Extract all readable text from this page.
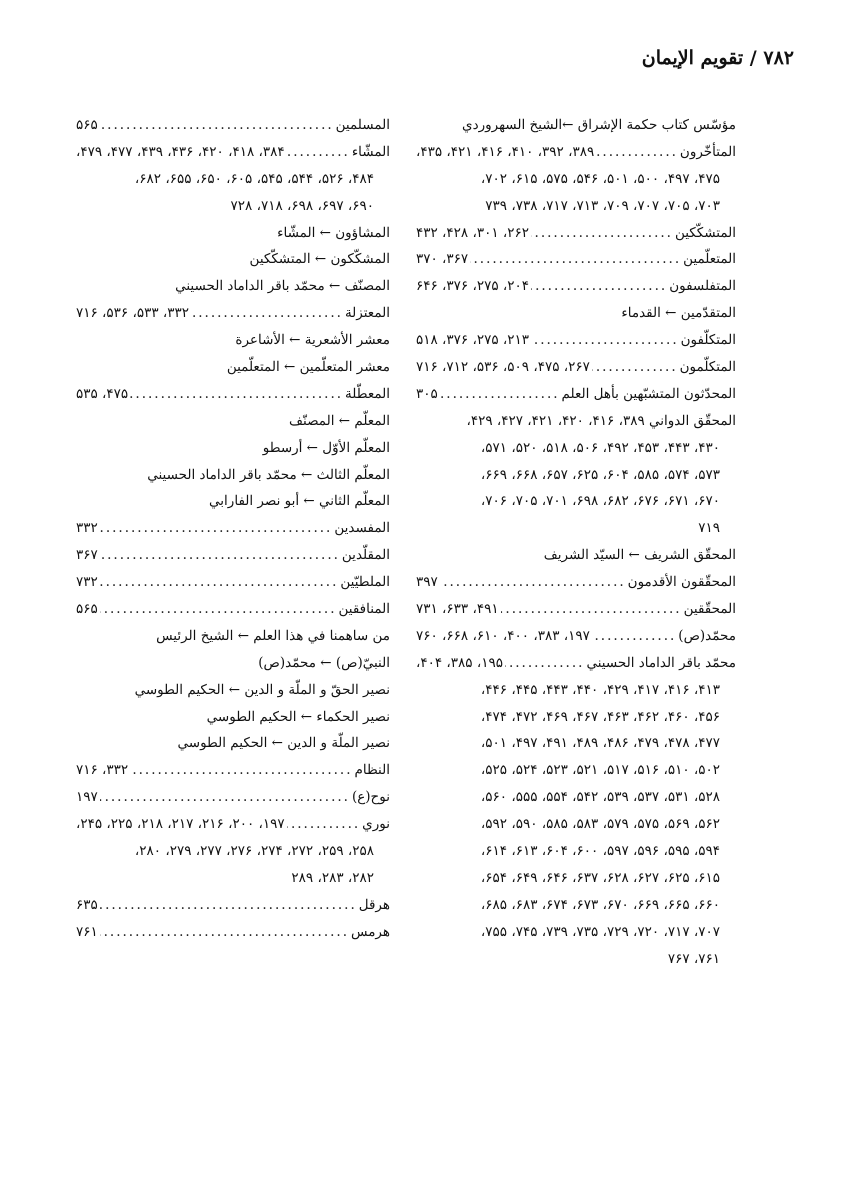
۷۸۲ / تقويم الإيمان
مؤسّس كتاب حكمة الإشراق ←الشيخ السهروردي
المتأخّرون
.....
۳۸۹، ۳۹۲، ۴۱۰، ۴۱۶، ۴۲۱، ۴۳۵،
۴۷۵، ۴۹۷، ۵۰۰، ۵۰۱، ۵۴۶، ۵۷۵، ۶۱۵، ۷۰۲،
۷۰۳، ۷۰۵، ۷۰۷، ۷۰۹، ۷۱۳، ۷۱۷، ۷۳۸، ۷۳۹
المتشكّكين
.....
۲۶۲، ۳۰۱، ۴۲۸، ۴۳۲
المتعلّمين
.....
۳۶۷، ۳۷۰
المتفلسفون
.....
۲۰۴، ۲۷۵، ۳۷۶، ۶۴۶
المتقدّمين ← القدماء
المتكلّفون
.....
۲۱۳، ۲۷۵، ۳۷۶، ۵۱۸
المتكلّمون
.....
۲۶۷، ۴۷۵، ۵۰۹، ۵۳۶، ۷۱۲، ۷۱۶
المحدّثون المتشبّهين بأهل العلم
.....
۳۰۵
المحقّق الدواني ۳۸۹، ۴۱۶، ۴۲۰، ۴۲۱، ۴۲۷، ۴۲۹،
۴۳۰، ۴۴۳، ۴۵۳، ۴۹۲، ۵۰۶، ۵۱۸، ۵۲۰، ۵۷۱،
۵۷۳، ۵۷۴، ۵۸۵، ۶۰۴، ۶۲۵، ۶۵۷، ۶۶۸، ۶۶۹،
۶۷۰، ۶۷۱، ۶۷۶، ۶۸۲، ۶۹۸، ۷۰۱، ۷۰۵، ۷۰۶،
۷۱۹
المحقّق الشريف ← السيّد الشريف
المحقّقون الأقدمون
.....
۳۹۷
المحقّقين
.....
۴۹۱، ۶۳۳، ۷۳۱
محمّد(ص)
.....
۱۹۷، ۳۸۳، ۴۰۰، ۶۱۰، ۶۶۸، ۷۶۰
محمّد باقر الداماد الحسيني
.....
۱۹۵، ۳۸۵، ۴۰۴،
۴۱۳، ۴۱۶، ۴۱۷، ۴۲۹، ۴۴۰، ۴۴۳، ۴۴۵، ۴۴۶،
۴۵۶، ۴۶۰، ۴۶۲، ۴۶۳، ۴۶۷، ۴۶۹، ۴۷۲، ۴۷۴،
۴۷۷، ۴۷۸، ۴۷۹، ۴۸۶، ۴۸۹، ۴۹۱، ۴۹۷، ۵۰۱،
۵۰۲، ۵۱۰، ۵۱۶، ۵۱۷، ۵۲۱، ۵۲۳، ۵۲۴، ۵۲۵،
۵۲۸، ۵۳۱، ۵۳۷، ۵۳۹، ۵۴۲، ۵۵۴، ۵۵۵، ۵۶۰،
۵۶۲، ۵۶۹، ۵۷۵، ۵۷۹، ۵۸۳، ۵۸۵، ۵۹۰، ۵۹۲،
۵۹۴، ۵۹۵، ۵۹۶، ۵۹۷، ۶۰۰، ۶۰۴، ۶۱۳، ۶۱۴،
۶۱۵، ۶۲۵، ۶۲۷، ۶۲۸، ۶۳۷، ۶۴۶، ۶۴۹، ۶۵۴،
۶۶۰، ۶۶۵، ۶۶۹، ۶۷۰، ۶۷۳، ۶۷۴، ۶۸۳، ۶۸۵،
۷۰۷، ۷۱۷، ۷۲۰، ۷۲۹، ۷۳۵، ۷۳۹، ۷۴۵، ۷۵۵،
۷۶۱، ۷۶۷
المسلمين
.....
۵۶۵
المشّاء
.....
۳۸۴، ۴۱۸، ۴۲۰، ۴۳۶، ۴۳۹، ۴۷۷، ۴۷۹،
۴۸۴، ۵۲۶، ۵۴۴، ۵۴۵، ۶۰۵، ۶۵۰، ۶۵۵، ۶۸۲،
۶۹۰، ۶۹۷، ۶۹۸، ۷۱۸، ۷۲۸
المشاؤون ← المشّاء
المشكّكون ← المتشكّكين
المصنّف ← محمّد باقر الداماد الحسيني
المعتزلة
.....
۳۳۲، ۵۳۳، ۵۳۶، ۷۱۶
معشر الأشعرية ← الأشاعرة
معشر المتعلّمين ← المتعلّمين
المعطّلة
.....
۴۷۵، ۵۳۵
المعلّم ← المصنّف
المعلّم الأوّل ← أرسطو
المعلّم الثالث ← محمّد باقر الداماد الحسيني
المعلّم الثاني ← أبو نصر الفارابي
المفسدين
.....
۳۳۲
المقلّدين
.....
۳۶۷
الملطيّين
.....
۷۳۲
المنافقين
.....
۵۶۵
من ساهمنا في هذا العلم ← الشيخ الرئيس
النبيّ(ص) ← محمّد(ص)
نصير الحقّ و الملّة و الدين ← الحكيم الطوسي
نصير الحكماء ← الحكيم الطوسي
نصير الملّة و الدين ← الحكيم الطوسي
النظام
.....
۳۳۲، ۷۱۶
نوح(ع)
.....
۱۹۷
نوري
.....
۱۹۷، ۲۰۰، ۲۱۶، ۲۱۷، ۲۱۸، ۲۲۵، ۲۴۵،
۲۵۸، ۲۵۹، ۲۷۲، ۲۷۴، ۲۷۶، ۲۷۷، ۲۷۹، ۲۸۰،
۲۸۲، ۲۸۳، ۲۸۹
هرقل
.....
۶۳۵
هرمس
.....
۷۶۱
